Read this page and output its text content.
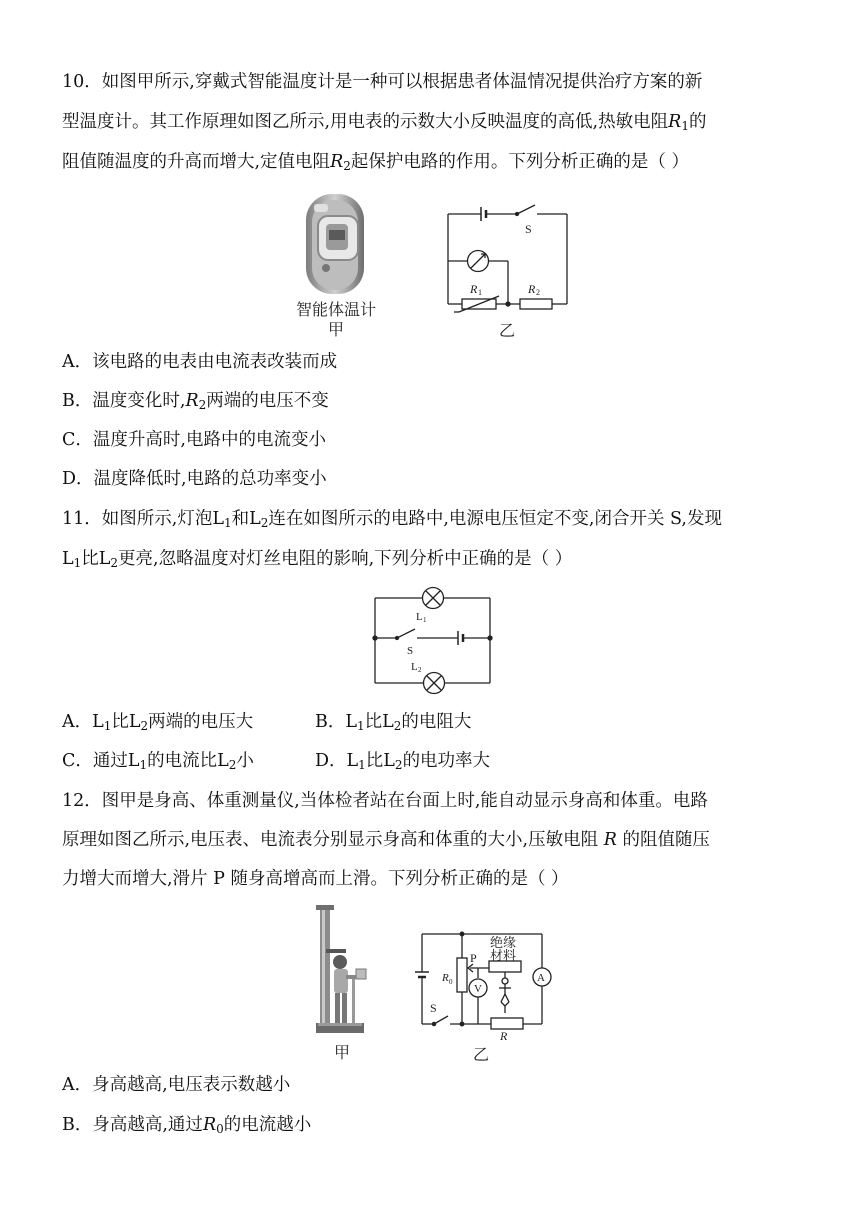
10．如图甲所示,穿戴式智能温度计是一种可以根据患者体温情况提供治疗方案的新
型温度计。其工作原理如图乙所示,用电表的示数大小反映温度的高低,热敏电阻$R_1$的
阻值随温度的升高而增大,定值电阻$R_2$起保护电路的作用。下列分析正确的是（ ）
智能体温计
甲
S
R 1	R 2
乙
A．该电路的电表由电流表改装而成
B．温度变化时$,R_2$两端的电压不变
C．温度升高时,电路中的电流变小
D．温度降低时,电路的总功率变小
11．如图所示,灯泡$L_1$和$L_2$连在如图所示的电路中,电源电压恒定不变,闭合开关 S,发现
$L_1$比$L_2$更亮,忽略温度对灯丝电阻的影响,下列分析中正确的是（ ）
L 1
S
L 2
A．$L_1$比$L_2$两端的电压大	B．$L_1$比$L_2$的电阻大
C．通过$L_1$的电流比$L_2$小	D．$L_1$比$L_2$的电功率大
12．图甲是身高、体重测量仪,当体检者站在台面上时,能自动显示身高和体重。电路
原理如图乙所示,电压表、电流表分别显示身高和体重的大小,压敏电阻 R 的阻值随压
力增大而增大,滑片 P 随身高增高而上滑。下列分析正确的是（ ）
甲
绝缘
材料
R 0
P
V
A
S
R
乙
A．身高越高,电压表示数越小
B．身高越高,通过$R_0$的电流越小
